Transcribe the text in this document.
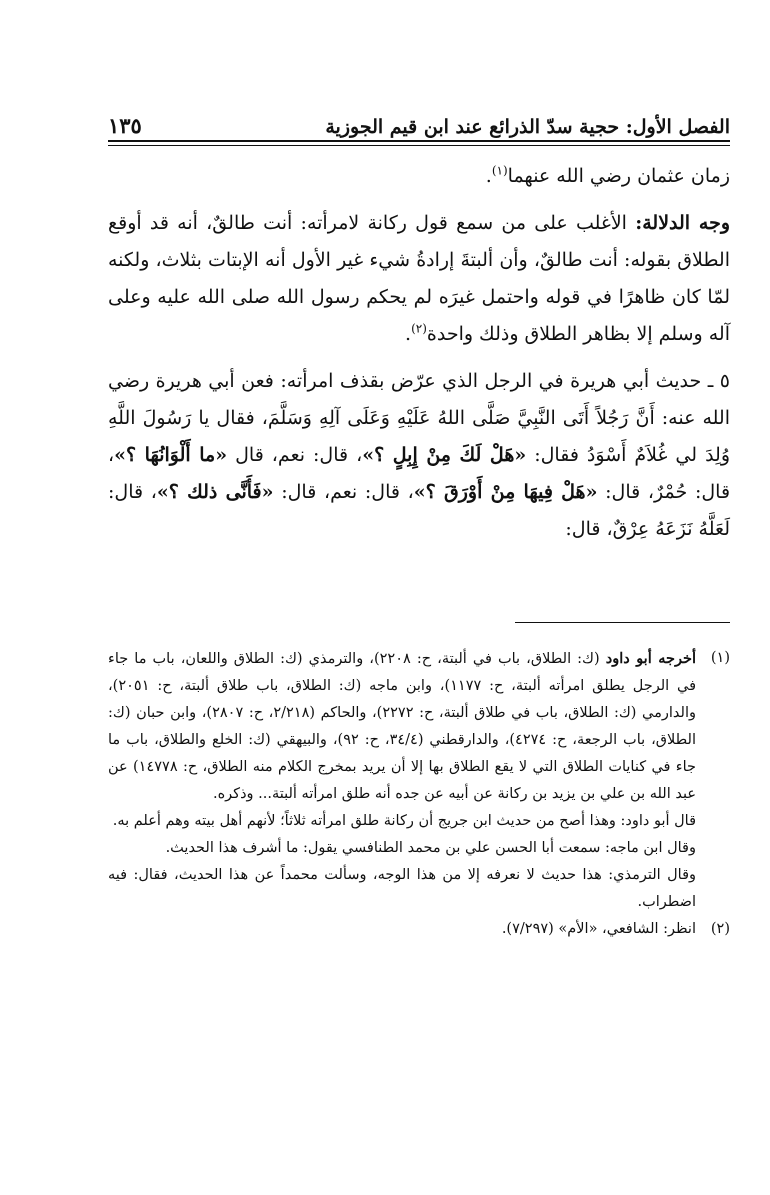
الفصل الأول: حجية سدّ الذرائع عند ابن قيم الجوزية
١٣٥

زمان عثمان رضي الله عنهما$^{(١)}$.

وجه الدلالة: الأغلب على من سمع قول ركانة لامرأته: أنت طالقٌ، أنه قد أوقع الطلاق بقوله: أنت طالقٌ، وأن ألبتةَ إرادةُ شيء غير الأول أنه الإبتات بثلاث، ولكنه لمّا كان ظاهرًا في قوله واحتمل غيرَه لم يحكم رسول الله صلى الله عليه وعلى آله وسلم إلا بظاهر الطلاق وذلك واحدة$^{(٢)}$.

٥ ـ حديث أبي هريرة في الرجل الذي عرّض بقذف امرأته: فعن أبي هريرة رضي الله عنه: أَنَّ رَجُلاً أَتَى النَّبِيَّ صَلَّى اللهُ عَلَيْهِ وَعَلَى آلِهِ وَسَلَّمَ، فقال يا رَسُولَ اللَّهِ وُلِدَ لي غُلاَمٌ أَسْوَدُ فقال: «هَلْ لَكَ مِنْ إِبِلٍ ؟»، قال: نعم، قال «ما أَلْوَانُهَا ؟»، قال: حُمْرٌ، قال: «هَلْ فِيهَا مِنْ أَوْرَقَ ؟»، قال: نعم، قال: «فَأَنَّى ذلك ؟»، قال: لَعَلَّهُ نَزَعَهُ عِرْقٌ، قال:

(١)

أخرجه أبو داود (ك: الطلاق، باب في ألبتة، ح: ٢٢٠٨)، والترمذي (ك: الطلاق واللعان، باب ما جاء في الرجل يطلق امرأته ألبتة، ح: ١١٧٧)، وابن ماجه (ك: الطلاق، باب طلاق ألبتة، ح: ٢٠٥١)، والدارمي (ك: الطلاق، باب في طلاق ألبتة، ح: ٢٢٧٢)، والحاكم (٢/٢١٨، ح: ٢٨٠٧)، وابن حبان (ك: الطلاق، باب الرجعة، ح: ٤٢٧٤)، والدارقطني (٣٤/٤، ح: ٩٢)، والبيهقي (ك: الخلع والطلاق، باب ما جاء في كنايات الطلاق التي لا يقع الطلاق بها إلا أن يريد بمخرج الكلام منه الطلاق، ح: ١٤٧٧٨) عن عبد الله بن علي بن يزيد بن ركانة عن أبيه عن جده أنه طلق امرأته ألبتة... وذكره.

قال أبو داود: وهذا أصح من حديث ابن جريج أن ركانة طلق امرأته ثلاثاً؛ لأنهم أهل بيته وهم أعلم به.

وقال ابن ماجه: سمعت أبا الحسن علي بن محمد الطنافسي يقول: ما أشرف هذا الحديث.

وقال الترمذي: هذا حديث لا نعرفه إلا من هذا الوجه، وسألت محمداً عن هذا الحديث، فقال: فيه اضطراب.

(٢)

انظر: الشافعي، «الأم» (٧/٢٩٧).
